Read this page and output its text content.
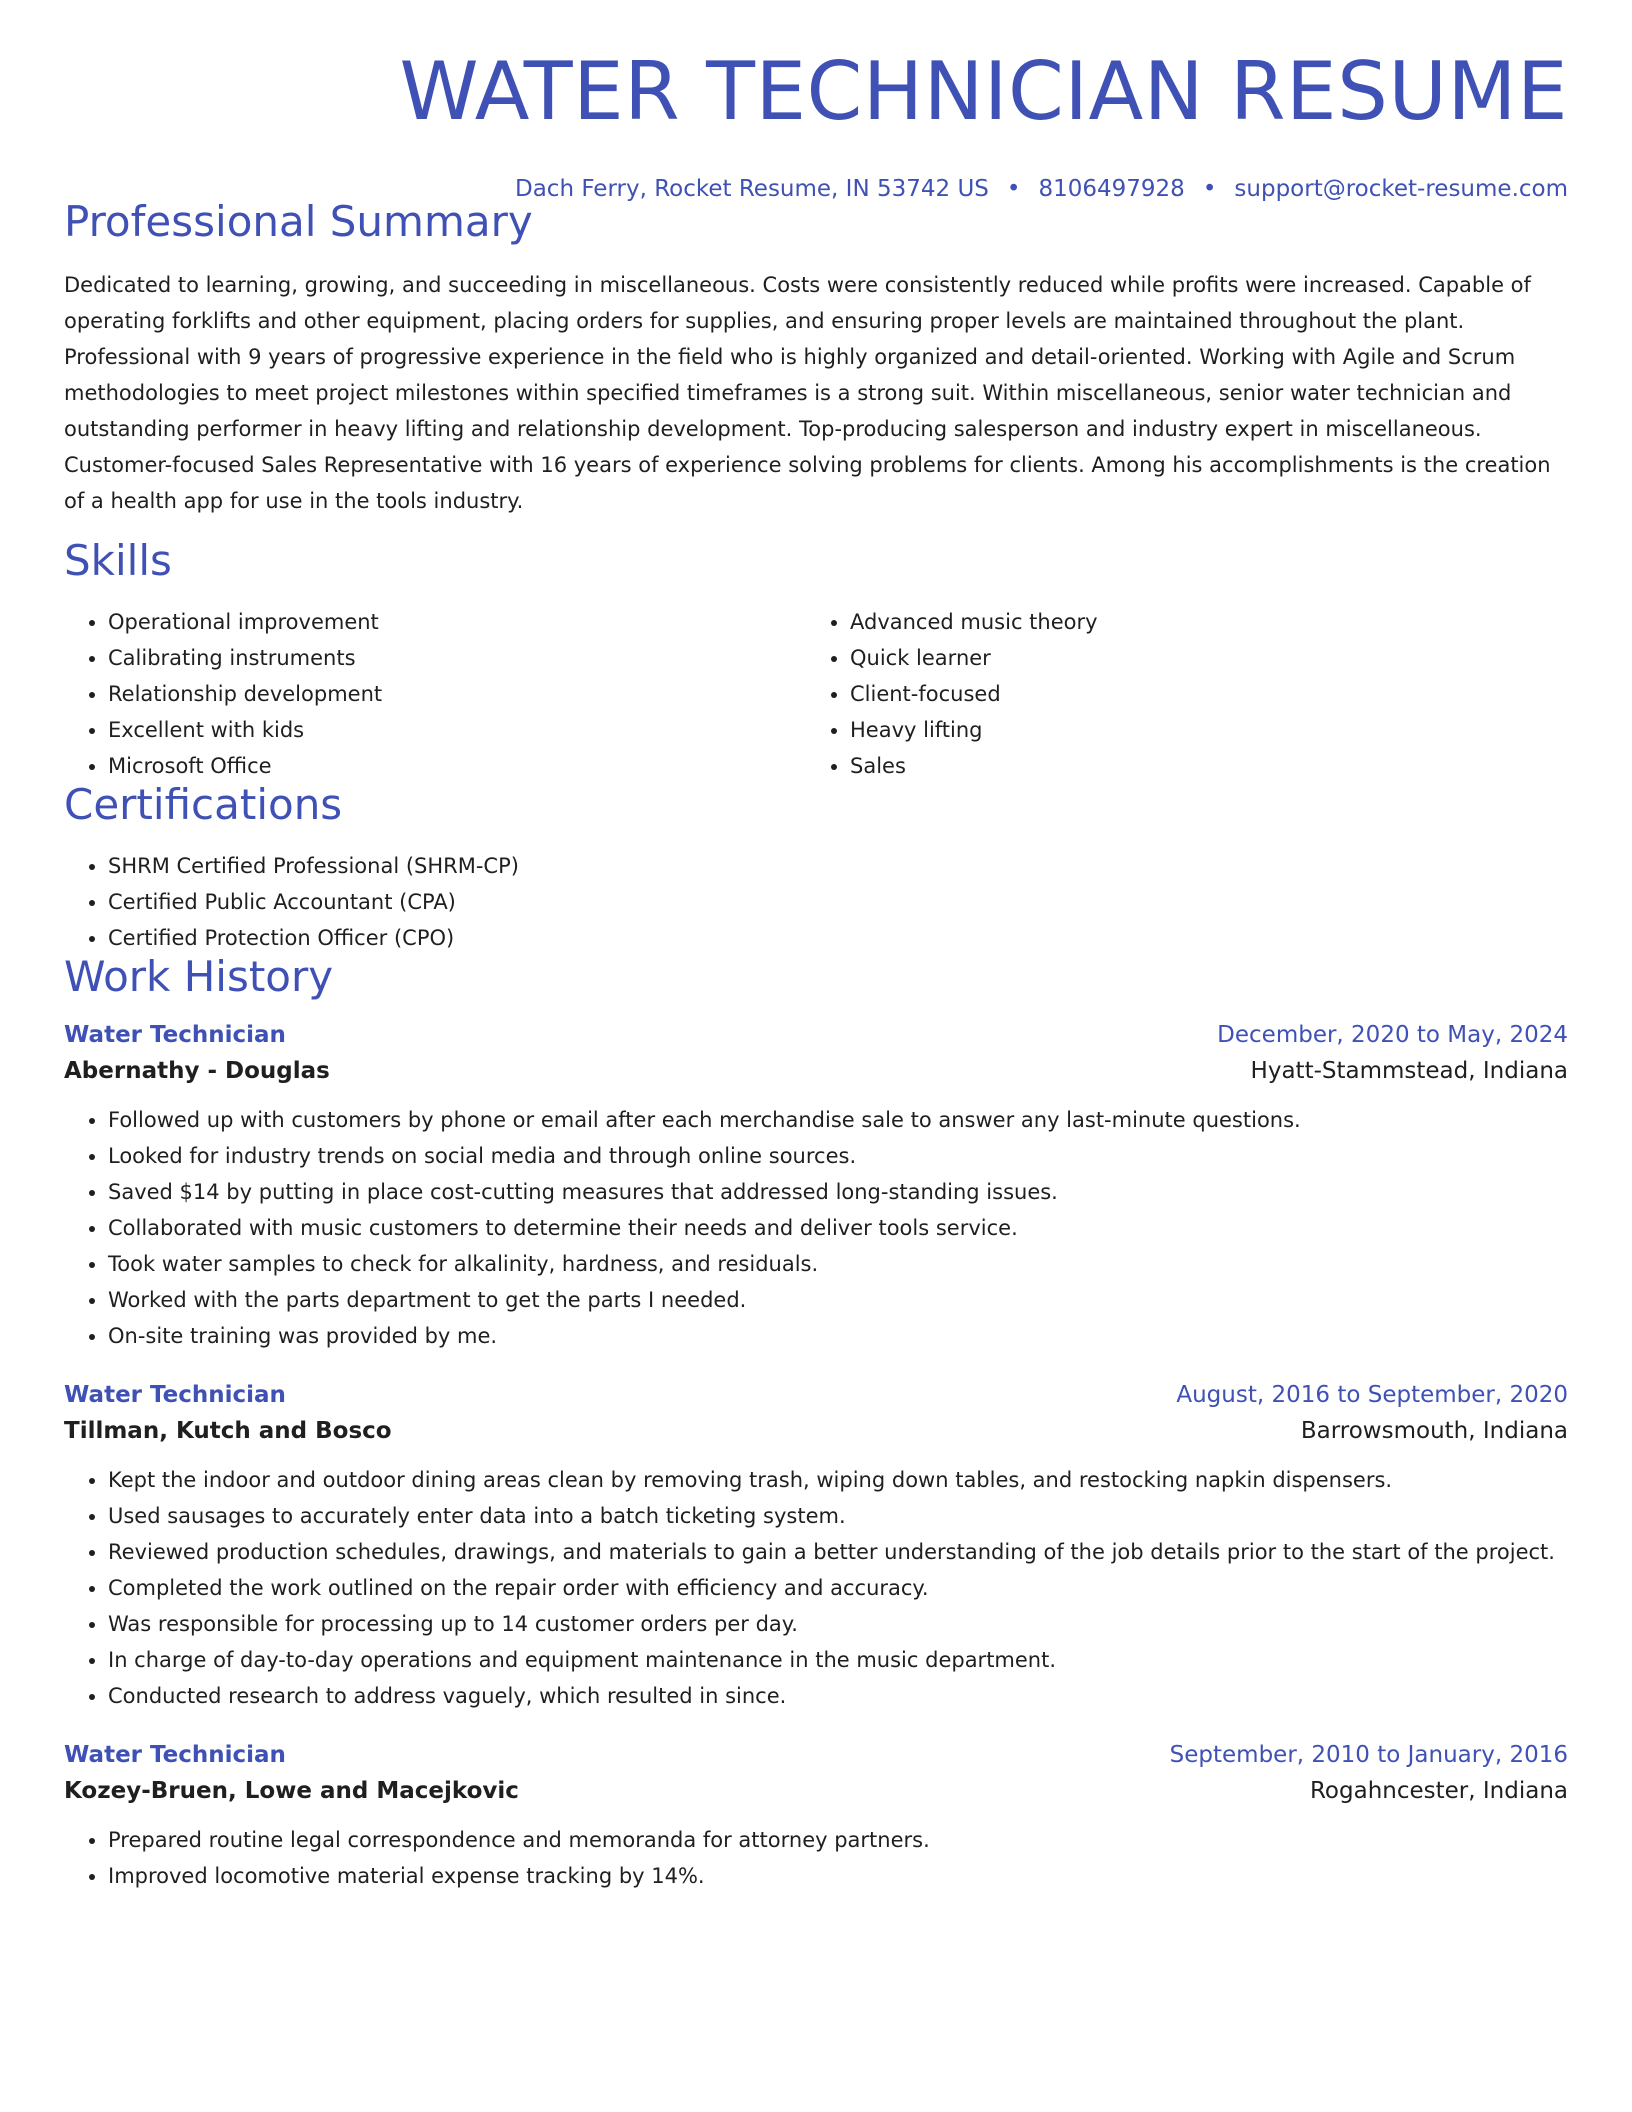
WATER TECHNICIAN RESUME
Dach Ferry, Rocket Resume, IN 53742 US • 8106497928 • support@rocket-resume.com
Professional Summary

Dedicated to learning, growing, and succeeding in miscellaneous. Costs were consistently reduced while profits were increased. Capable of operating forklifts and other equipment, placing orders for supplies, and ensuring proper levels are maintained throughout the plant. Professional with 9 years of progressive experience in the field who is highly organized and detail-oriented. Working with Agile and Scrum methodologies to meet project milestones within specified timeframes is a strong suit. Within miscellaneous, senior water technician and outstanding performer in heavy lifting and relationship development. Top-producing salesperson and industry expert in miscellaneous. Customer-focused Sales Representative with 16 years of experience solving problems for clients. Among his accomplishments is the creation of a health app for use in the tools industry.

Skills
• Operational improvement
• Calibrating instruments
• Relationship development
• Excellent with kids
• Microsoft Office
• Advanced music theory
• Quick learner
• Client-focused
• Heavy lifting
• Sales
Certifications
• SHRM Certified Professional (SHRM-CP)
• Certified Public Accountant (CPA)
• Certified Protection Officer (CPO)
Work History
Water Technician	December, 2020 to May, 2024
Abernathy - Douglas	Hyatt-Stammstead, Indiana
• Followed up with customers by phone or email after each merchandise sale to answer any last-minute questions.
• Looked for industry trends on social media and through online sources.
• Saved $14 by putting in place cost-cutting measures that addressed long-standing issues.
• Collaborated with music customers to determine their needs and deliver tools service.
• Took water samples to check for alkalinity, hardness, and residuals.
• Worked with the parts department to get the parts I needed.
• On-site training was provided by me.
Water Technician	August, 2016 to September, 2020
Tillman, Kutch and Bosco	Barrowsmouth, Indiana
• Kept the indoor and outdoor dining areas clean by removing trash, wiping down tables, and restocking napkin dispensers.
• Used sausages to accurately enter data into a batch ticketing system.
• Reviewed production schedules, drawings, and materials to gain a better understanding of the job details prior to the start of the project.
• Completed the work outlined on the repair order with efficiency and accuracy.
• Was responsible for processing up to 14 customer orders per day.
• In charge of day-to-day operations and equipment maintenance in the music department.
• Conducted research to address vaguely, which resulted in since.
Water Technician	September, 2010 to January, 2016
Kozey-Bruen, Lowe and Macejkovic	Rogahncester, Indiana
• Prepared routine legal correspondence and memoranda for attorney partners.
• Improved locomotive material expense tracking by 14%.
